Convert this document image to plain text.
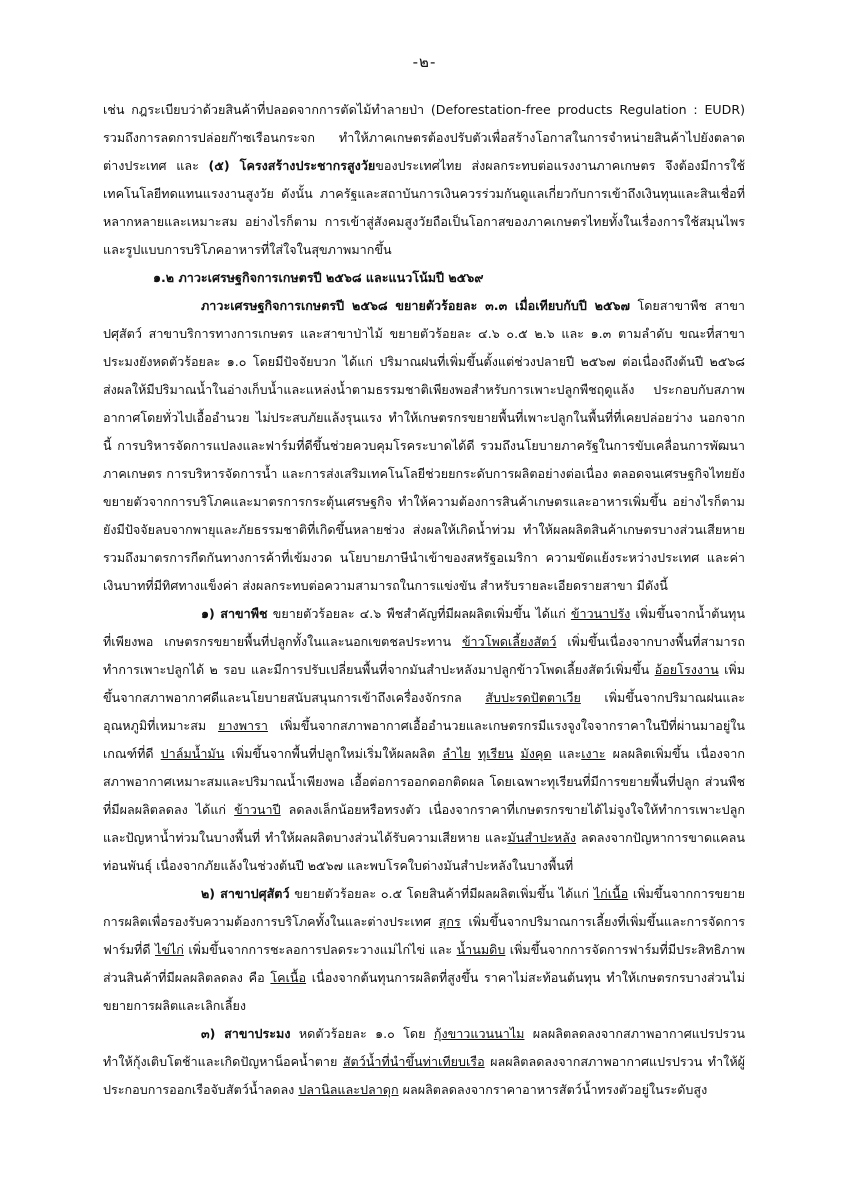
-๒-

เช่น กฎระเบียบว่าด้วยสินค้าที่ปลอดจากการตัดไม้ทำลายป่า (Deforestation-free products Regulation : EUDR) รวมถึงการลดการปล่อยก๊าซเรือนกระจก ทำให้ภาคเกษตรต้องปรับตัวเพื่อสร้างโอกาสในการจำหน่ายสินค้าไปยังตลาดต่างประเทศ และ (๕) โครงสร้างประชากรสูงวัยของประเทศไทย ส่งผลกระทบต่อแรงงานภาคเกษตร จึงต้องมีการใช้เทคโนโลยีทดแทนแรงงานสูงวัย ดังนั้น ภาครัฐและสถาบันการเงินควรร่วมกันดูแลเกี่ยวกับการเข้าถึงเงินทุนและสินเชื่อที่หลากหลายและเหมาะสม อย่างไรก็ตาม การเข้าสู่สังคมสูงวัยถือเป็นโอกาสของภาคเกษตรไทยทั้งในเรื่องการใช้สมุนไพรและรูปแบบการบริโภคอาหารที่ใส่ใจในสุขภาพมากขึ้น

๑.๒ ภาวะเศรษฐกิจการเกษตรปี ๒๕๖๘ และแนวโน้มปี ๒๕๖๙

ภาวะเศรษฐกิจการเกษตรปี ๒๕๖๘ ขยายตัวร้อยละ ๓.๓ เมื่อเทียบกับปี ๒๕๖๗ โดยสาขาพืช สาขาปศุสัตว์ สาขาบริการทางการเกษตร และสาขาป่าไม้ ขยายตัวร้อยละ ๔.๖ ๐.๕ ๒.๖ และ ๑.๓ ตามลำดับ ขณะที่สาขาประมงยังหดตัวร้อยละ ๑.๐ โดยมีปัจจัยบวก ได้แก่ ปริมาณฝนที่เพิ่มขึ้นตั้งแต่ช่วงปลายปี ๒๕๖๗ ต่อเนื่องถึงต้นปี ๒๕๖๘ ส่งผลให้มีปริมาณน้ำในอ่างเก็บน้ำและแหล่งน้ำตามธรรมชาติเพียงพอสำหรับการเพาะปลูกพืชฤดูแล้ง ประกอบกับสภาพอากาศโดยทั่วไปเอื้ออำนวย ไม่ประสบภัยแล้งรุนแรง ทำให้เกษตรกรขยายพื้นที่เพาะปลูกในพื้นที่ที่เคยปล่อยว่าง นอกจากนี้ การบริหารจัดการแปลงและฟาร์มที่ดีขึ้นช่วยควบคุมโรคระบาดได้ดี รวมถึงนโยบายภาครัฐในการขับเคลื่อนการพัฒนาภาคเกษตร การบริหารจัดการน้ำ และการส่งเสริมเทคโนโลยีช่วยยกระดับการผลิตอย่างต่อเนื่อง ตลอดจนเศรษฐกิจไทยยังขยายตัวจากการบริโภคและมาตรการกระตุ้นเศรษฐกิจ ทำให้ความต้องการสินค้าเกษตรและอาหารเพิ่มขึ้น อย่างไรก็ตาม ยังมีปัจจัยลบจากพายุและภัยธรรมชาติที่เกิดขึ้นหลายช่วง ส่งผลให้เกิดน้ำท่วม ทำให้ผลผลิตสินค้าเกษตรบางส่วนเสียหาย รวมถึงมาตรการกีดกันทางการค้าที่เข้มงวด นโยบายภาษีนำเข้าของสหรัฐอเมริกา ความขัดแย้งระหว่างประเทศ และค่าเงินบาทที่มีทิศทางแข็งค่า ส่งผลกระทบต่อความสามารถในการแข่งขัน สำหรับรายละเอียดรายสาขา มีดังนี้

๑) สาขาพืช ขยายตัวร้อยละ ๔.๖ พืชสำคัญที่มีผลผลิตเพิ่มขึ้น ได้แก่ ข้าวนาปรัง เพิ่มขึ้นจากน้ำต้นทุนที่เพียงพอ เกษตรกรขยายพื้นที่ปลูกทั้งในและนอกเขตชลประทาน ข้าวโพดเลี้ยงสัตว์ เพิ่มขึ้นเนื่องจากบางพื้นที่สามารถทำการเพาะปลูกได้ ๒ รอบ และมีการปรับเปลี่ยนพื้นที่จากมันสำปะหลังมาปลูกข้าวโพดเลี้ยงสัตว์เพิ่มขึ้น อ้อยโรงงาน เพิ่มขึ้นจากสภาพอากาศดีและนโยบายสนับสนุนการเข้าถึงเครื่องจักรกล สับปะรดปัตตาเวีย เพิ่มขึ้นจากปริมาณฝนและอุณหภูมิที่เหมาะสม ยางพารา เพิ่มขึ้นจากสภาพอากาศเอื้ออำนวยและเกษตรกรมีแรงจูงใจจากราคาในปีที่ผ่านมาอยู่ในเกณฑ์ที่ดี ปาล์มน้ำมัน เพิ่มขึ้นจากพื้นที่ปลูกใหม่เริ่มให้ผลผลิต ลำไย ทุเรียน มังคุด และเงาะ ผลผลิตเพิ่มขึ้น เนื่องจากสภาพอากาศเหมาะสมและปริมาณน้ำเพียงพอ เอื้อต่อการออกดอกติดผล โดยเฉพาะทุเรียนที่มีการขยายพื้นที่ปลูก ส่วนพืชที่มีผลผลิตลดลง ได้แก่ ข้าวนาปี ลดลงเล็กน้อยหรือทรงตัว เนื่องจากราคาที่เกษตรกรขายได้ไม่จูงใจให้ทำการเพาะปลูกและปัญหาน้ำท่วมในบางพื้นที่ ทำให้ผลผลิตบางส่วนได้รับความเสียหาย และมันสำปะหลัง ลดลงจากปัญหาการขาดแคลนท่อนพันธุ์ เนื่องจากภัยแล้งในช่วงต้นปี ๒๕๖๗ และพบโรคใบด่างมันสำปะหลังในบางพื้นที่

๒) สาขาปศุสัตว์ ขยายตัวร้อยละ ๐.๕ โดยสินค้าที่มีผลผลิตเพิ่มขึ้น ได้แก่ ไก่เนื้อ เพิ่มขึ้นจากการขยายการผลิตเพื่อรองรับความต้องการบริโภคทั้งในและต่างประเทศ สุกร เพิ่มขึ้นจากปริมาณการเลี้ยงที่เพิ่มขึ้นและการจัดการฟาร์มที่ดี ไข่ไก่ เพิ่มขึ้นจากการชะลอการปลดระวางแม่ไก่ไข่ และ น้ำนมดิบ เพิ่มขึ้นจากการจัดการฟาร์มที่มีประสิทธิภาพ ส่วนสินค้าที่มีผลผลิตลดลง คือ โคเนื้อ เนื่องจากต้นทุนการผลิตที่สูงขึ้น ราคาไม่สะท้อนต้นทุน ทำให้เกษตรกรบางส่วนไม่ขยายการผลิตและเลิกเลี้ยง

๓) สาขาประมง หดตัวร้อยละ ๑.๐ โดย กุ้งขาวแวนนาไม ผลผลิตลดลงจากสภาพอากาศแปรปรวน ทำให้กุ้งเติบโตช้าและเกิดปัญหาน็อคน้ำตาย สัตว์น้ำที่นำขึ้นท่าเทียบเรือ ผลผลิตลดลงจากสภาพอากาศแปรปรวน ทำให้ผู้ประกอบการออกเรือจับสัตว์น้ำลดลง ปลานิลและปลาดุก ผลผลิตลดลงจากราคาอาหารสัตว์น้ำทรงตัวอยู่ในระดับสูง
